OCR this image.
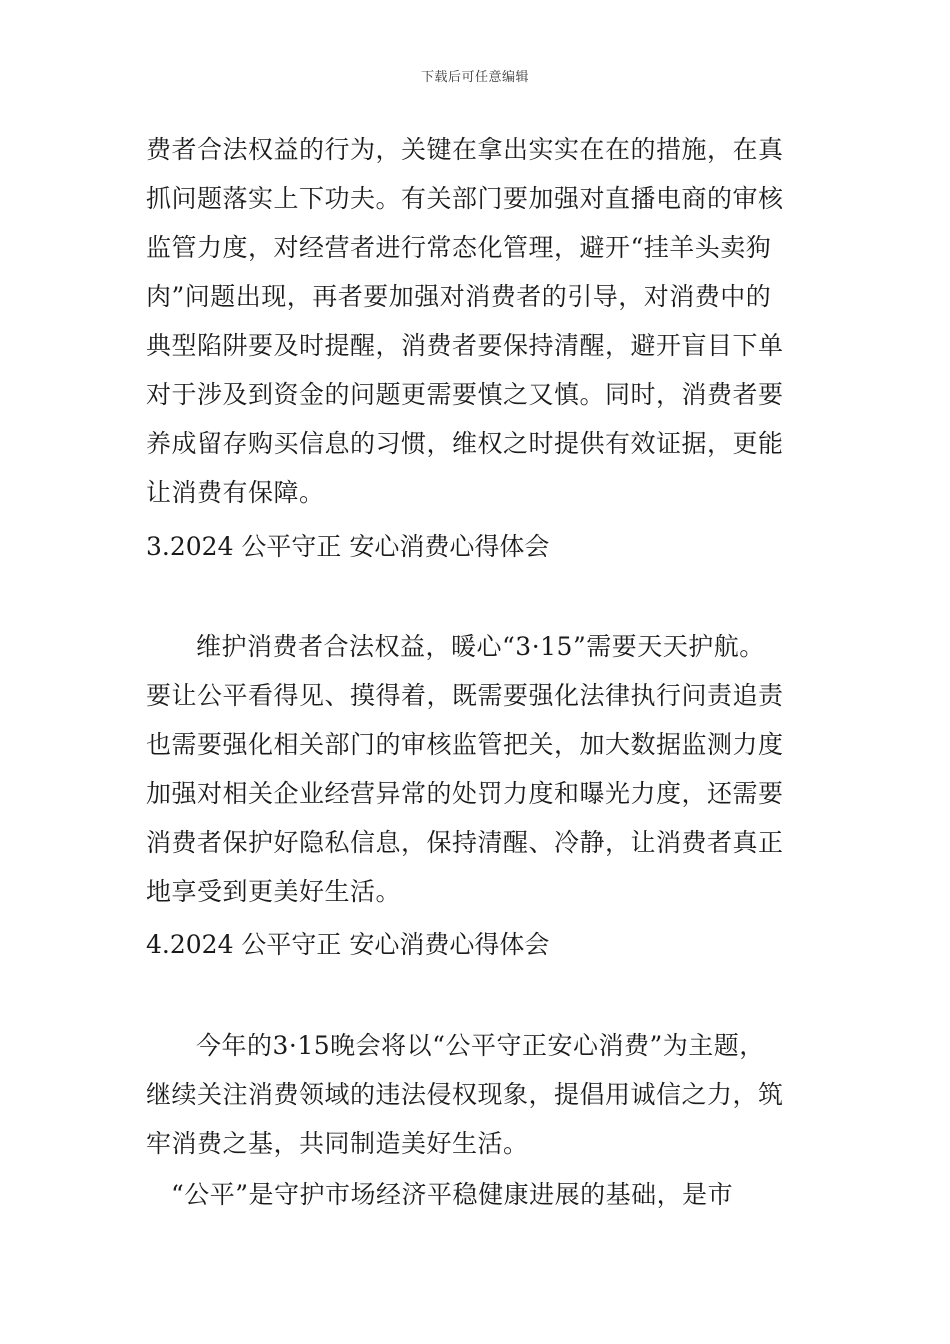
下载后可任意编辑
费者合法权益的行为，关键在拿出实实在在的措施，在真
抓问题落实上下功夫。有关部门要加强对直播电商的审核
监管力度，对经营者进行常态化管理，避开“挂羊头卖狗
肉”问题出现，再者要加强对消费者的引导，对消费中的
典型陷阱要及时提醒，消费者要保持清醒，避开盲目下单
对于涉及到资金的问题更需要慎之又慎。同时，消费者要
养成留存购买信息的习惯，维权之时提供有效证据，更能
让消费有保障。
3.2024 公平守正 安心消费心得体会
维护消费者合法权益，暖心“3·15”需要天天护航。
要让公平看得见、摸得着，既需要强化法律执行问责追责
也需要强化相关部门的审核监管把关，加大数据监测力度
加强对相关企业经营异常的处罚力度和曝光力度，还需要
消费者保护好隐私信息，保持清醒、冷静，让消费者真正
地享受到更美好生活。
4.2024 公平守正 安心消费心得体会
今年的3·15晚会将以“公平守正安心消费”为主题，
继续关注消费领域的违法侵权现象，提倡用诚信之力，筑
牢消费之基，共同制造美好生活。
“公平”是守护市场经济平稳健康进展的基础，是市
